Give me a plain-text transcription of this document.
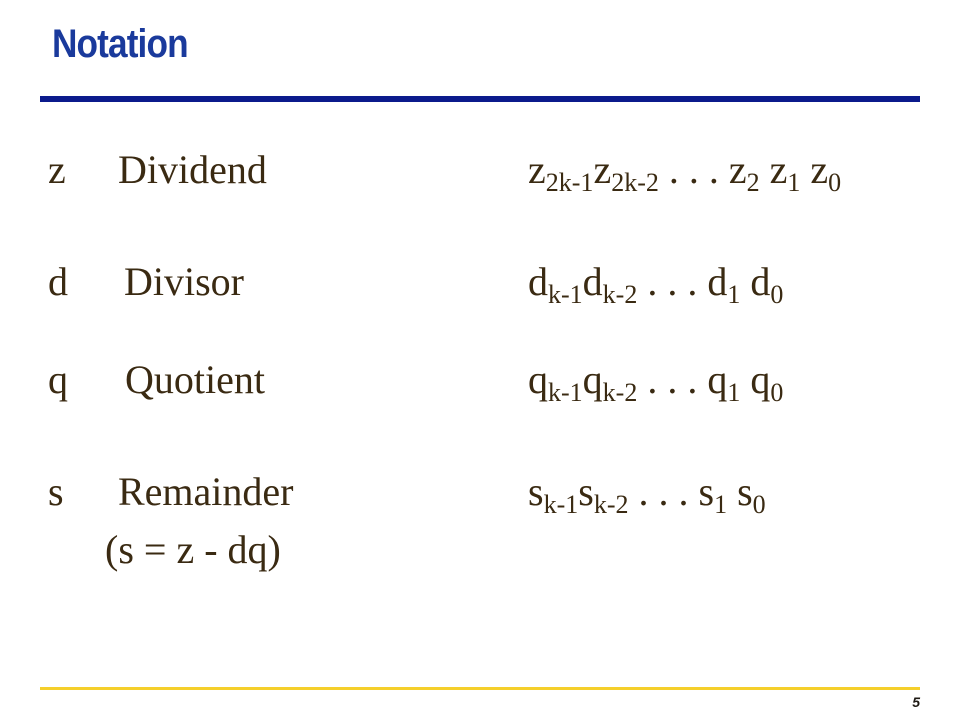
Notation
z Dividend	$z_{2k-1}z_{2k-2}$ . . . $z_2$ $z_1$ $z_0$
d Divisor	$d_{k-1}d_{k-2}$ . . . $d_1$ $d_0$
q Quotient	$q_{k-1}q_{k-2}$ . . . $q_1$ $q_0$
s Remainder	$s_{k-1}s_{k-2}$ . . . $s_1$ $s_0$
(s = z - dq)
5
